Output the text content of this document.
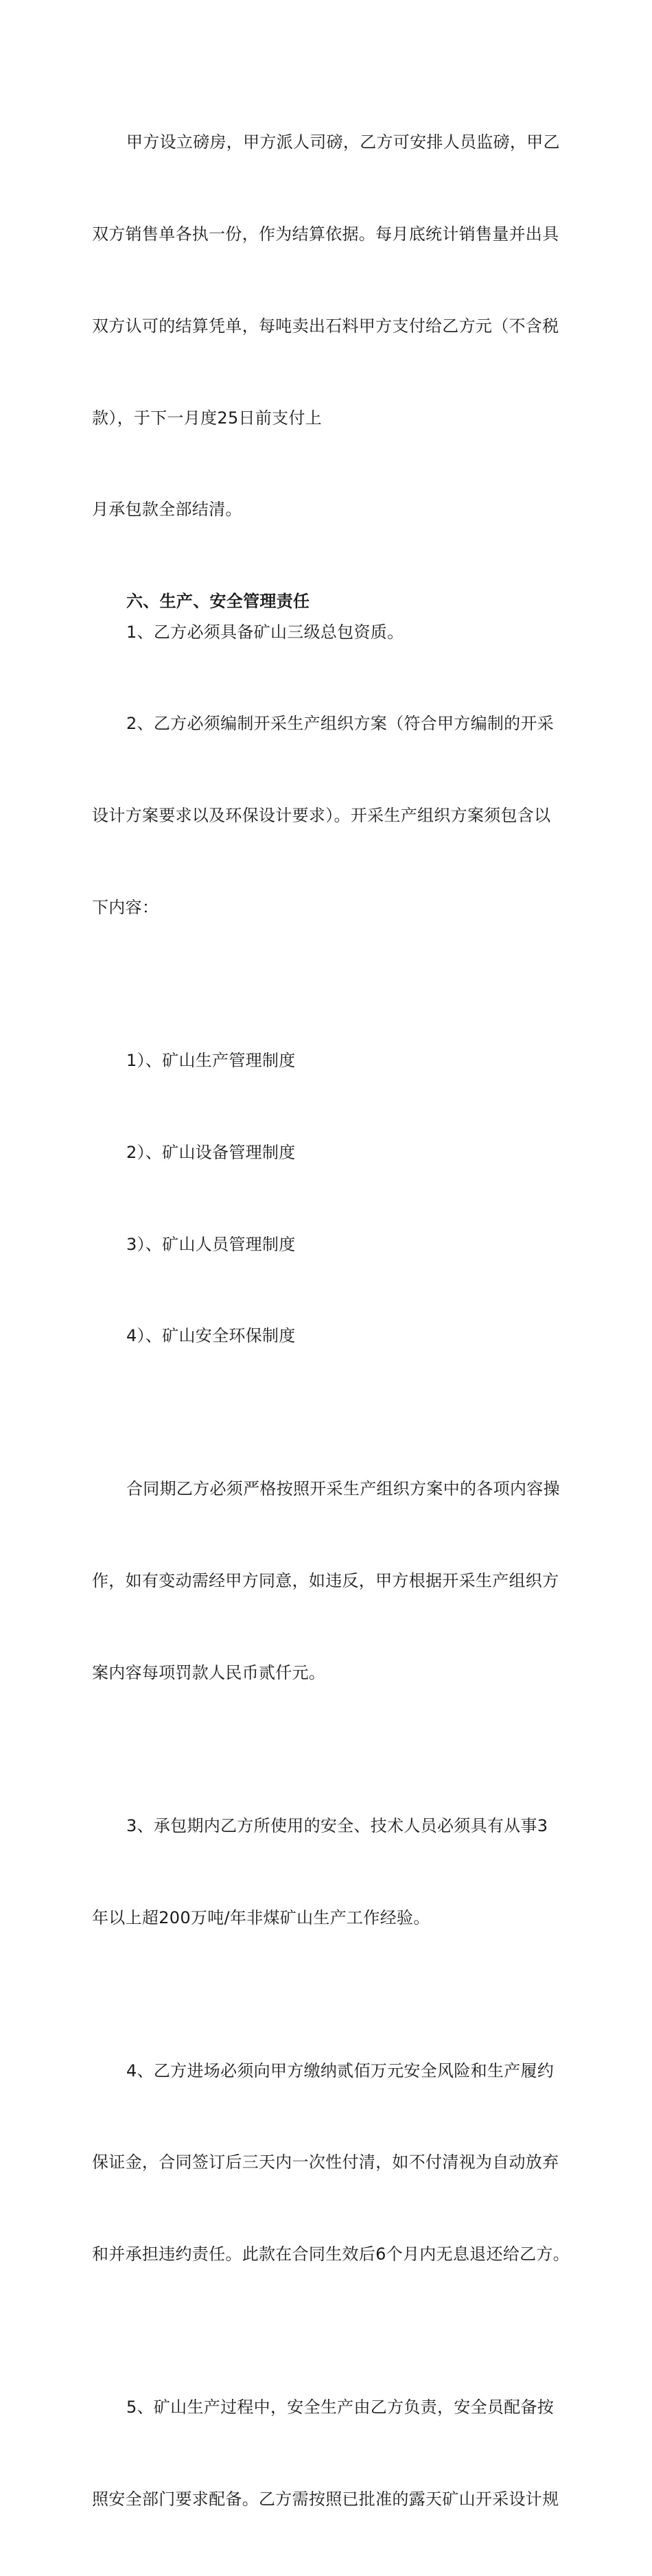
甲方设立磅房，甲方派人司磅，乙方可安排人员监磅，甲乙

双方销售单各执一份，作为结算依据。每月底统计销售量并出具

双方认可的结算凭单，每吨卖出石料甲方支付给乙方元（不含税

款），于下一月度25日前支付上

月承包款全部结清。

六、生产、安全管理责任
1、乙方必须具备矿山三级总包资质。

2、乙方必须编制开采生产组织方案（符合甲方编制的开采

设计方案要求以及环保设计要求）。开采生产组织方案须包含以

下内容：

1）、矿山生产管理制度

2）、矿山设备管理制度

3）、矿山人员管理制度

4）、矿山安全环保制度

合同期乙方必须严格按照开采生产组织方案中的各项内容操

作，如有变动需经甲方同意，如违反，甲方根据开采生产组织方

案内容每项罚款人民币贰仟元。

3、承包期内乙方所使用的安全、技术人员必须具有从事3

年以上超200万吨/年非煤矿山生产工作经验。

4、乙方进场必须向甲方缴纳贰佰万元安全风险和生产履约

保证金，合同签订后三天内一次性付清，如不付清视为自动放弃

和并承担违约责任。此款在合同生效后6个月内无息退还给乙方。

5、矿山生产过程中，安全生产由乙方负责，安全员配备按

照安全部门要求配备。乙方需按照已批准的露天矿山开采设计规
